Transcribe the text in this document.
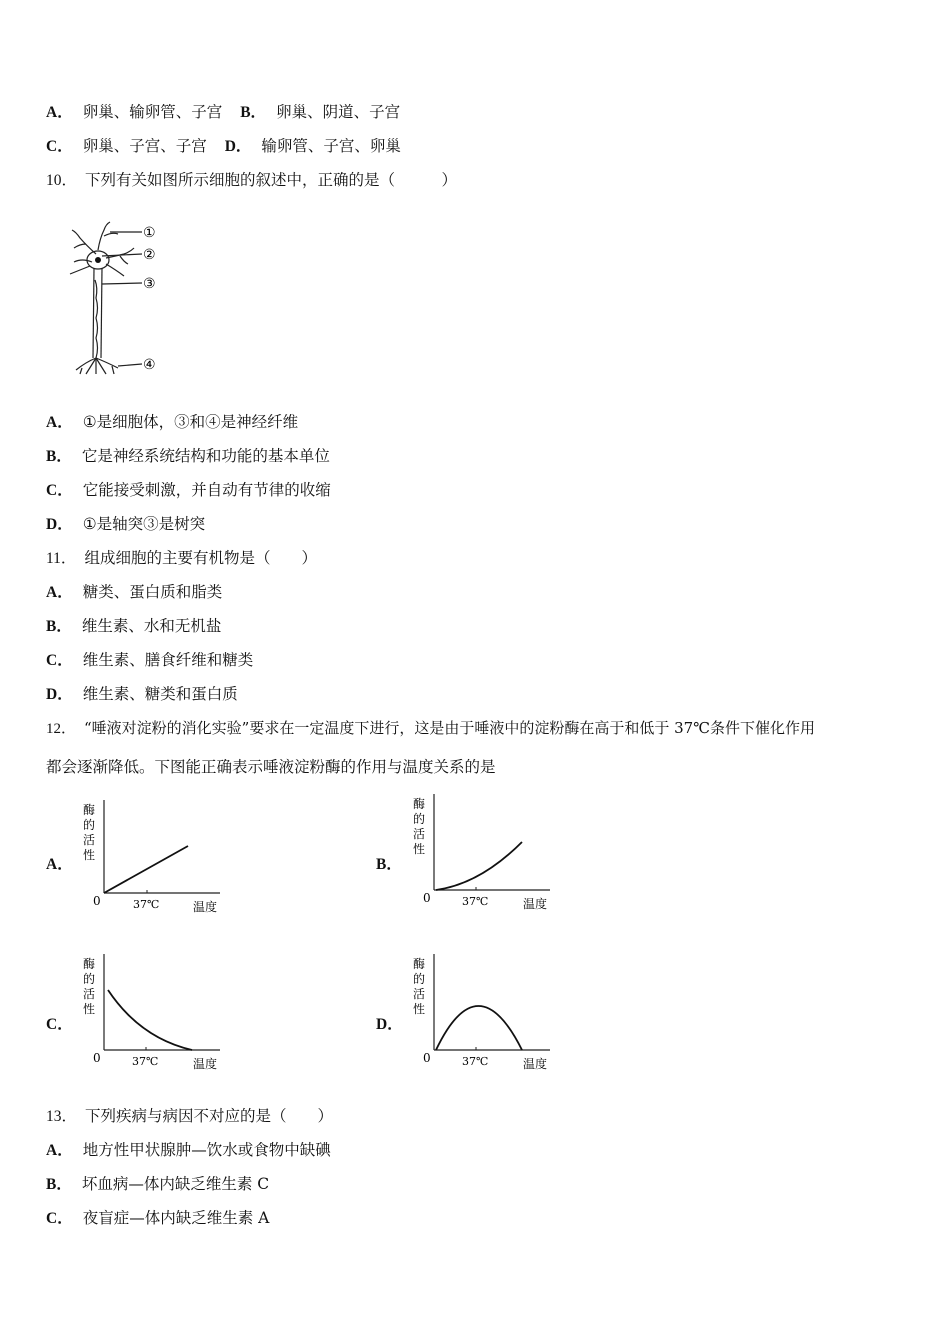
A． 卵巢、输卵管、子宫 B． 卵巢、阴道、子宫
C． 卵巢、子宫、子宫 D． 输卵管、子宫、卵巢
10． 下列有关如图所示细胞的叙述中，正确的是（　　　）
①
②
③
④
A． ①是细胞体，③和④是神经纤维
B． 它是神经系统结构和功能的基本单位
C． 它能接受刺激，并自动有节律的收缩
D． ①是轴突③是树突
11． 组成细胞的主要有机物是（　　）
A． 糖类、蛋白质和脂类
B． 维生素、水和无机盐
C． 维生素、膳食纤维和糖类
D． 维生素、糖类和蛋白质
12． “唾液对淀粉的消化实验”要求在一定温度下进行，这是由于唾液中的淀粉酶在高于和低于 37℃条件下催化作用
都会逐渐降低。下图能正确表示唾液淀粉酶的作用与温度关系的是
A．	B．
C．	D．
酶
的
活
性
0	37℃	温度
酶
的
活
性
0	37℃	温度
酶
的
活
性
0	37℃	温度
酶
的
活
性
0	37℃	温度
13． 下列疾病与病因不对应的是（　　）
A． 地方性甲状腺肿—饮水或食物中缺碘
B． 坏血病—体内缺乏维生素 C
C． 夜盲症—体内缺乏维生素 A
